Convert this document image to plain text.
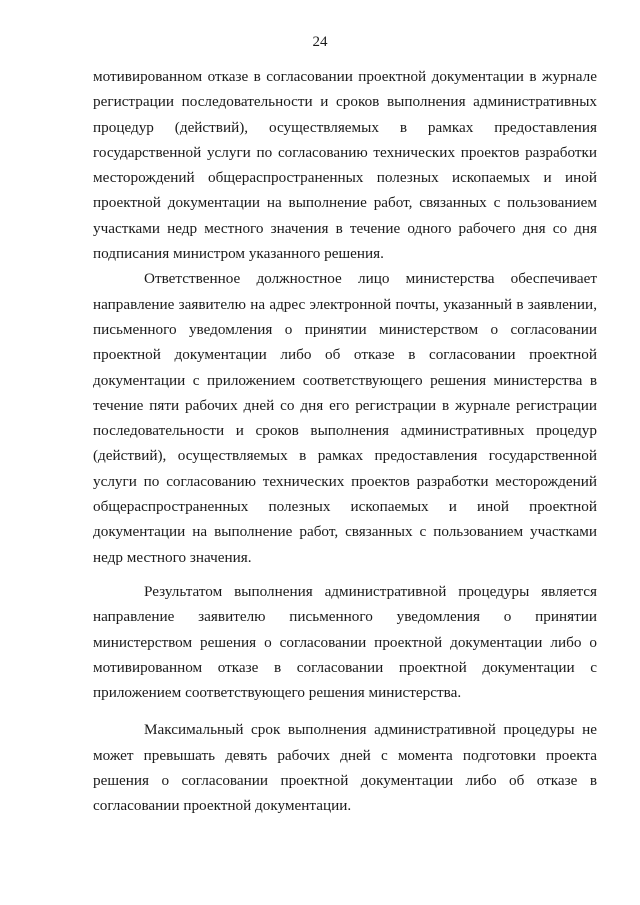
24
мотивированном отказе в согласовании проектной документации в журнале
регистрации последовательности и сроков выполнения административных
процедур (действий), осуществляемых в рамках предоставления
государственной услуги по согласованию технических проектов разработки
месторождений общераспространенных полезных ископаемых и иной
проектной документации на выполнение работ, связанных с пользованием
участками недр местного значения в течение одного рабочего дня со дня
подписания министром указанного решения.
Ответственное должностное лицо министерства обеспечивает
направление заявителю на адрес электронной почты, указанный в заявлении,
письменного уведомления о принятии министерством о согласовании
проектной документации либо об отказе в согласовании проектной
документации с приложением соответствующего решения министерства в
течение пяти рабочих дней со дня его регистрации в журнале регистрации
последовательности и сроков выполнения административных процедур
(действий), осуществляемых в рамках предоставления государственной
услуги по согласованию технических проектов разработки месторождений
общераспространенных полезных ископаемых и иной проектной
документации на выполнение работ, связанных с пользованием участками
недр местного значения.
Результатом выполнения административной процедуры является
направление заявителю письменного уведомления о принятии
министерством решения о согласовании проектной документации либо о
мотивированном отказе в согласовании проектной документации с
приложением соответствующего решения министерства.
Максимальный срок выполнения административной процедуры не
может превышать девять рабочих дней с момента подготовки проекта
решения о согласовании проектной документации либо об отказе в
согласовании проектной документации.
